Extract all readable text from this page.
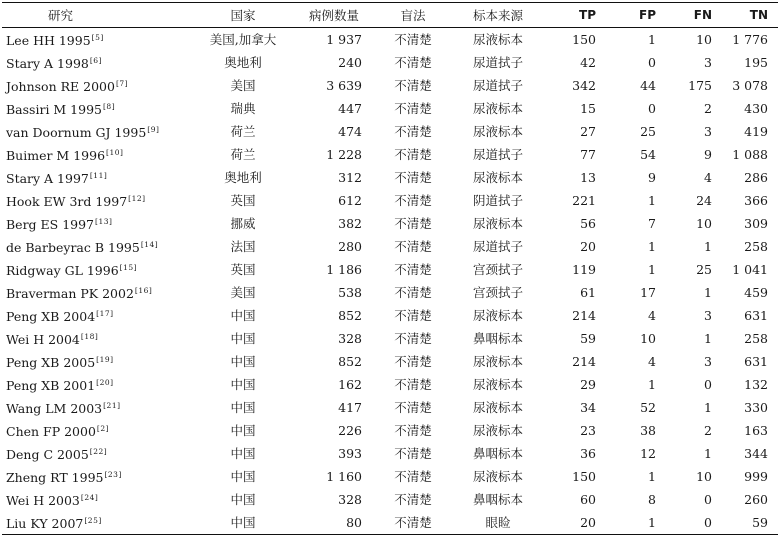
研究	国家	病例数量	盲法	标本来源	TP	FP	FN	TN
Lee HH 1995[5]	美国,加拿大	1 937	不清楚	尿液标本	150	1	10	1 776
Stary A 1998[6]	奥地利	240	不清楚	尿道拭子	42	0	3	195
Johnson RE 2000[7]	美国	3 639	不清楚	尿道拭子	342	44	175	3 078
Bassiri M 1995[8]	瑞典	447	不清楚	尿液标本	15	0	2	430
van Doornum GJ 1995[9]	荷兰	474	不清楚	尿液标本	27	25	3	419
Buimer M 1996[10]	荷兰	1 228	不清楚	尿道拭子	77	54	9	1 088
Stary A 1997[11]	奥地利	312	不清楚	尿液标本	13	9	4	286
Hook EW 3rd 1997[12]	英国	612	不清楚	阴道拭子	221	1	24	366
Berg ES 1997[13]	挪威	382	不清楚	尿液标本	56	7	10	309
de Barbeyrac B 1995[14]	法国	280	不清楚	尿道拭子	20	1	1	258
Ridgway GL 1996[15]	英国	1 186	不清楚	宫颈拭子	119	1	25	1 041
Braverman PK 2002[16]	美国	538	不清楚	宫颈拭子	61	17	1	459
Peng XB 2004[17]	中国	852	不清楚	尿液标本	214	4	3	631
Wei H 2004[18]	中国	328	不清楚	鼻咽标本	59	10	1	258
Peng XB 2005[19]	中国	852	不清楚	尿液标本	214	4	3	631
Peng XB 2001[20]	中国	162	不清楚	尿液标本	29	1	0	132
Wang LM 2003[21]	中国	417	不清楚	尿液标本	34	52	1	330
Chen FP 2000[2]	中国	226	不清楚	尿液标本	23	38	2	163
Deng C 2005[22]	中国	393	不清楚	鼻咽标本	36	12	1	344
Zheng RT 1995[23]	中国	1 160	不清楚	尿液标本	150	1	10	999
Wei H 2003[24]	中国	328	不清楚	鼻咽标本	60	8	0	260
Liu KY 2007[25]	中国	80	不清楚	眼睑	20	1	0	59
